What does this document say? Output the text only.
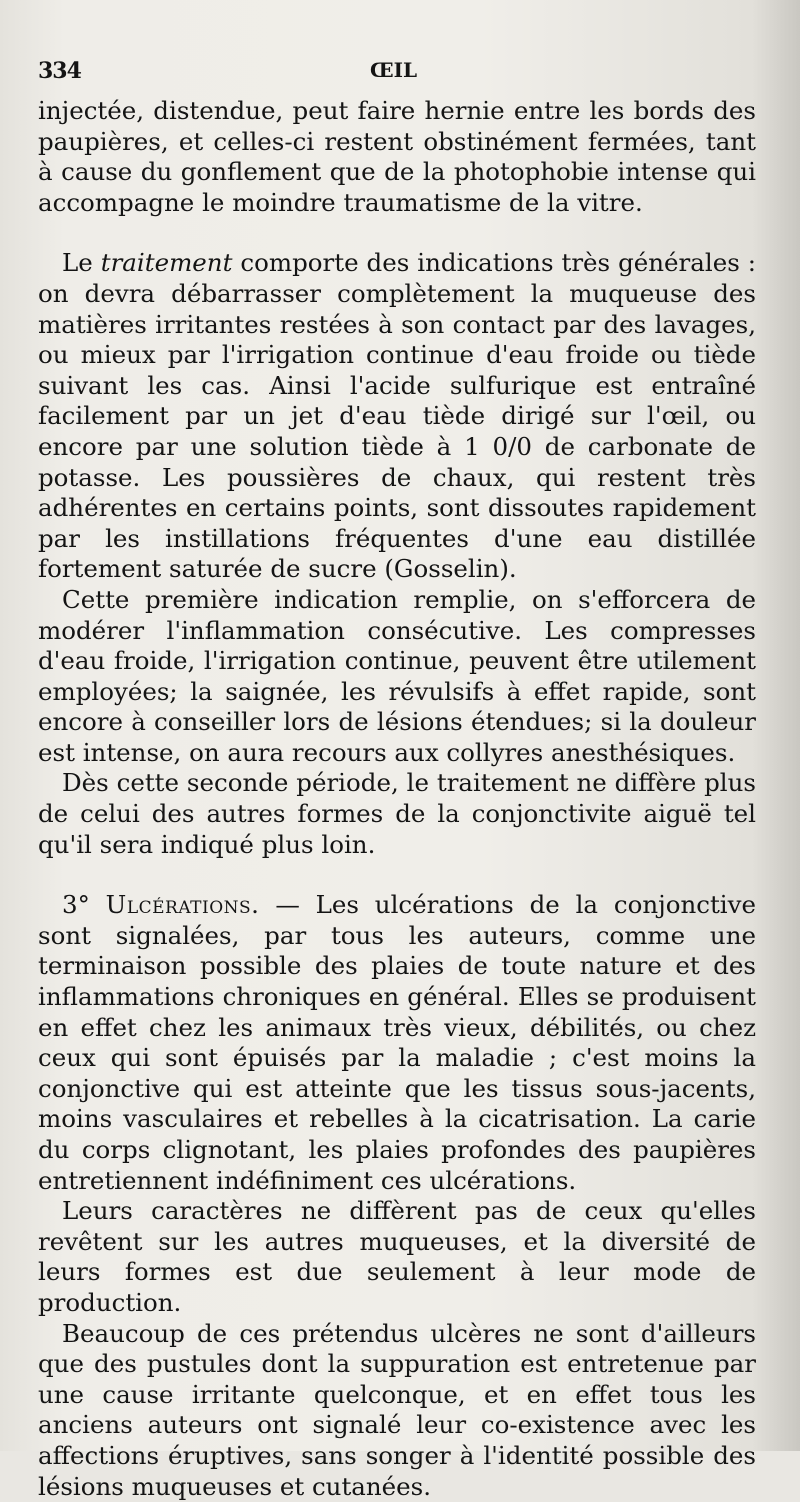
334	ŒIL

injectée, distendue, peut faire hernie entre les bords des paupières, et celles-ci restent obstinément fermées, tant à cause du gonflement que de la photophobie intense qui accompagne le moindre traumatisme de la vitre.

Le traitement comporte des indications très générales : on devra débarrasser complètement la muqueuse des matières irritantes restées à son contact par des lavages, ou mieux par l'irrigation continue d'eau froide ou tiède suivant les cas. Ainsi l'acide sulfurique est entraîné facilement par un jet d'eau tiède dirigé sur l'œil, ou encore par une solution tiède à 1 0/0 de carbonate de potasse. Les poussières de chaux, qui restent très adhérentes en certains points, sont dissoutes rapidement par les instillations fréquentes d'une eau distillée fortement saturée de sucre (Gosselin).

Cette première indication remplie, on s'efforcera de modérer l'inflammation consécutive. Les compresses d'eau froide, l'irrigation continue, peuvent être utilement employées; la saignée, les révulsifs à effet rapide, sont encore à conseiller lors de lésions étendues; si la douleur est intense, on aura recours aux collyres anesthésiques.

Dès cette seconde période, le traitement ne diffère plus de celui des autres formes de la conjonctivite aiguë tel qu'il sera indiqué plus loin.

3° Ulcérations. — Les ulcérations de la conjonctive sont signalées, par tous les auteurs, comme une terminaison possible des plaies de toute nature et des inflammations chroniques en général. Elles se produisent en effet chez les animaux très vieux, débilités, ou chez ceux qui sont épuisés par la maladie ; c'est moins la conjonctive qui est atteinte que les tissus sous-jacents, moins vasculaires et rebelles à la cicatrisation. La carie du corps clignotant, les plaies profondes des paupières entretiennent indéfiniment ces ulcérations.

Leurs caractères ne diffèrent pas de ceux qu'elles revêtent sur les autres muqueuses, et la diversité de leurs formes est due seulement à leur mode de production.

Beaucoup de ces prétendus ulcères ne sont d'ailleurs que des pustules dont la suppuration est entretenue par une cause irritante quelconque, et en effet tous les anciens auteurs ont signalé leur co-existence avec les affections éruptives, sans songer à l'identité possible des lésions muqueuses et cutanées.
